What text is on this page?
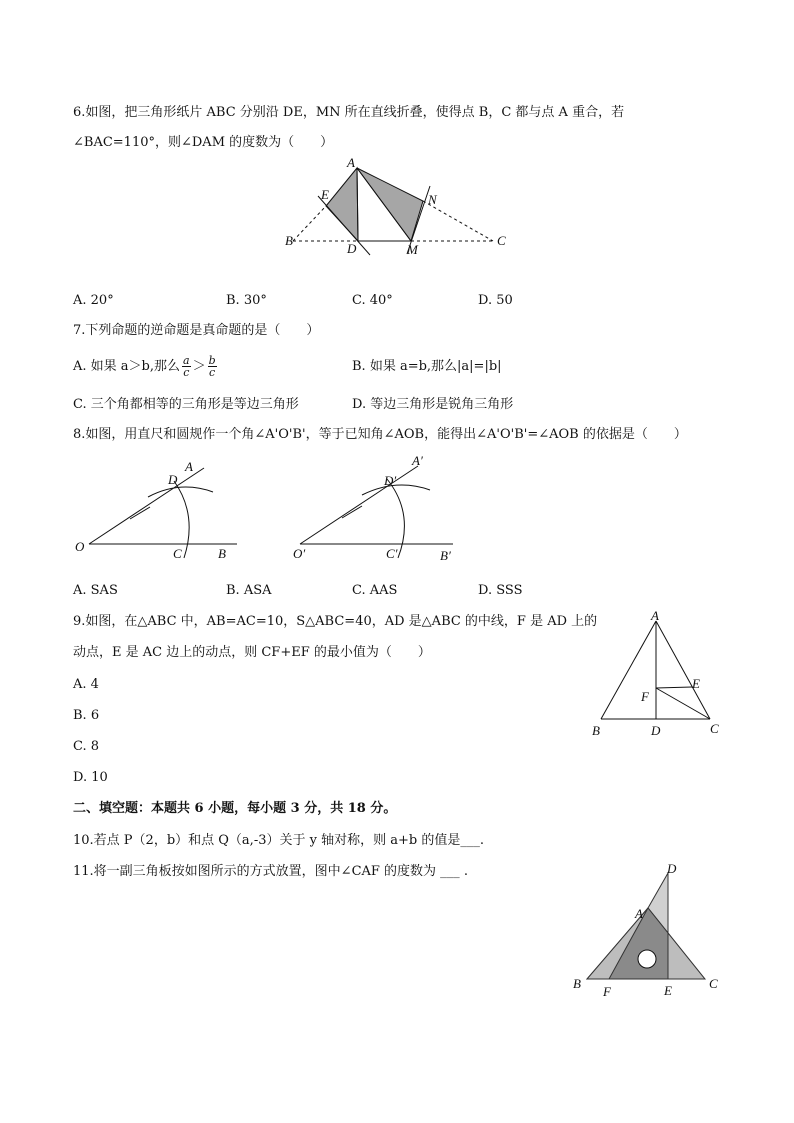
6.如图，把三角形纸片 ABC 分别沿 DE，MN 所在直线折叠，使得点 B，C 都与点 A 重合，若
∠BAC=110°，则∠DAM 的度数为（　　）
A
E	N
B
D	M
C
A. 20°	B. 30°	C. 40°	D. 50
7.下列命题的逆命题是真命题的是（　　）
A. 如果 a＞b,那么 $\frac{a}{c} > \frac{b}{c}$	B. 如果 a=b,那么|a|=|b|
C. 三个角都相等的三角形是等边三角形	D. 等边三角形是锐角三角形
8.如图，用直尺和圆规作一个角∠A'O'B'，等于已知角∠AOB，能得出∠A'O'B'=∠AOB 的依据是（　　）
O
A
D
C	B	O′
A′
D′
C′	B′
A. SAS	B. ASA	C. AAS	D. SSS
9.如图，在△ABC 中，AB=AC=10，S△ABC=40，AD 是△ABC 的中线，F 是 AD 上的
动点，E 是 AC 边上的动点，则 CF+EF 的最小值为（　　）
A. 4
B. 6
C. 8
D. 10
A
E
F
B	D	C
二、填空题：本题共 6 小题，每小题 3 分，共 18 分。
10.若点 P（2，b）和点 Q（a,-3）关于 y 轴对称，则 a+b 的值是___.
11.将一副三角板按如图所示的方式放置，图中∠CAF 的度数为 ___ .	D
A
B
F	E	C
